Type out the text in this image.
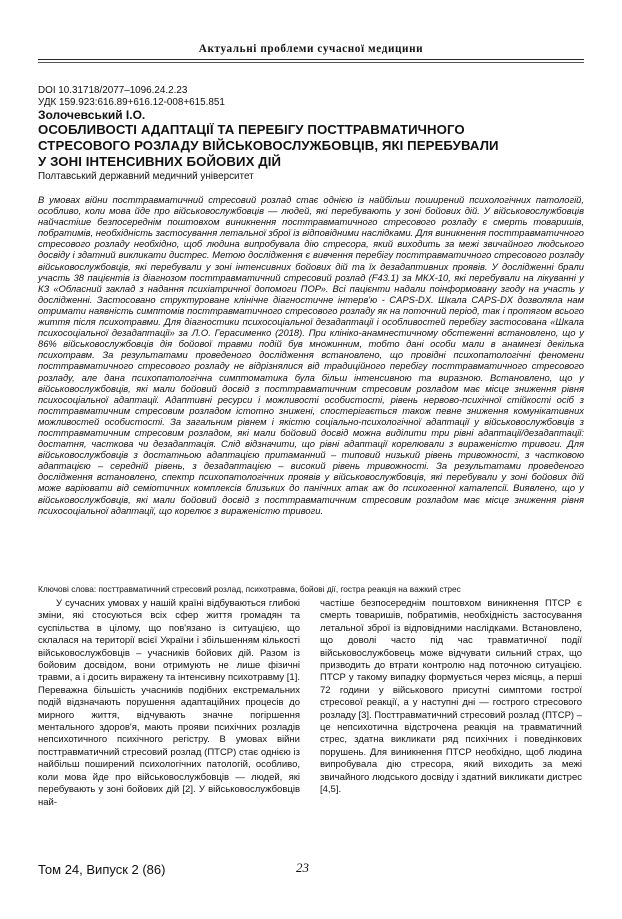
Актуальні проблеми сучасної медицини
DOI 10.31718/2077–1096.24.2.23
УДК 159.923:616.89+616.12-008+615.851
Золочевський І.О.
ОСОБЛИВОСТІ АДАПТАЦІЇ ТА ПЕРЕБІГУ ПОСТТРАВМАТИЧНОГО
СТРЕСОВОГО РОЗЛАДУ ВІЙСЬКОВОСЛУЖБОВЦІВ, ЯКІ ПЕРЕБУВАЛИ
У ЗОНІ ІНТЕНСИВНИХ БОЙОВИХ ДІЙ
Полтавський державний медичний університет
В умовах війни посттравматичний стресовий розлад стає однією із найбільш поширений психологічних патологій, особливо, коли мова йде про військовослужбовців — людей, які перебувають у зоні бойових дій. У військовослужбовців найчастіше безпосереднім поштовхом виникнення посттравматичного стресового розладу є смерть товаришів, побратимів, необхідність застосування летальної зброї із відповідними наслідками. Для виникнення посттравматичного стресового розладу необхідно, щоб людина випробувала дію стресора, який виходить за межі звичайного людського досвіду і здатний викликати дистрес. Метою дослідження є вивчення перебігу посттравматичного стресового розладу військовослужбовців, які перебували у зоні інтенсивних бойових дій та їх дезадаптивних проявів. У дослідженні брали участь 38 пацієнтів із діагнозом посттравматичний стресовий розлад (F43.1) за МКХ-10, які перебували на лікуванні у КЗ «Обласний заклад з надання психіатричної допомоги ПОР». Всі пацієнти надали поінформовану згоду на участь у дослідженні. Застосовано структуроване клінічне діагностичне інтерв'ю - CAPS-DX. Шкала CAPS-DX дозволяла нам отримати наявність симптомів посттравматичного стресового розладу як на поточний період, так і протягом всього життя після психотравми. Для діагностики психосоціальної дезадаптації і особливостей перебігу застосована «Шкала психосоціальної дезадаптації» за Л.О. Герасименко (2018). При клініко-анамнестичному обстеженні встановлено, що у 86% військовослужбовців дія бойової травми подій був множинним, тобто дані особи мали в анамнезі декілька психотравм. За результатами проведеного дослідження встановлено, що провідні психопатологічні феномени посттравматичного стресового розладу не відрізнялися від традиційного перебігу посттравматичного стресового розладу, але дана психопатологічна симптоматика була більш інтенсивною та виразною. Встановлено, що у військовослужбовців, які мали бойовий досвід з посттравматичним стресовим розладом має місце зниження рівня психосоціальної адаптації. Адаптивні ресурси і можливості особистості, рівень нервово-психічної стійкості осіб з посттравматичним стресовим розладом істотно знижені, спостерігається також певне зниження комунікативних можливостей особистості. За загальним рівнем і якістю соціально-психологічної адаптації у військовослужбовців з посттравматичним стресовим розладом, які мали бойовий досвід можна виділити три рівні адаптації/дезадаптації: достатня, часткова чи дезадаптація. Слід відзначити, що рівні адаптації корелювали з вираженістю тривоги. Для військовослужбовців з достатньою адаптацією притаманний – типовий низький рівень тривожності, з частковою адаптацією – середній рівень, з дезадаптацією – високий рівень тривожності. За результатами проведеного дослідження встановлено, спектр психопатологічних проявів у військовослужбовців, які перебували у зоні бойових дій може варіювати від семіотичних комплексів близьких до панічних атак аж до психогенної каталепсії. Виявлено, що у військовослужбовців, які мали бойовий досвід з посттравматичним стресовим розладом має місце зниження рівня психосоціальної адаптації, що корелює з вираженістю тривоги.
Ключові слова: посттравматичний стресовий розлад, психотравма, бойові дії, гостра реакція на важкий стрес

У сучасних умовах у нашій країні відбуваються глибокі зміни, які стосуються всіх сфер життя громадян та суспільства в цілому, що пов'язано із ситуацією, що склалася на території всієї України і збільшенням кількості військовослужбовців – учасників бойових дій. Разом із бойовим досвідом, вони отримують не лише фізичні травми, а і досить виражену та інтенсивну психотравму [1]. Переважна більшість учасників подібних екстремальних подій відзначають порушення адаптаційних процесів до мирного життя, відчувають значне погіршення ментального здоров'я, мають прояви психічних розладів непсихотичного психічного регістру. В умовах війни посттравматичний стресовий розлад (ПТСР) стає однією із найбільш поширений психологічних патологій, особливо, коли мова йде про військовослужбовців — людей, які перебувають у зоні бойових дій [2]. У військовослужбовців най-

частіше безпосереднім поштовхом виникнення ПТСР є смерть товаришів, побратимів, необхідність застосування летальної зброї із відповідними наслідками. Встановлено, що доволі часто під час травматичної події військовослужбовець може відчувати сильний страх, що призводить до втрати контролю над поточною ситуацією. ПТСР у такому випадку формується через місяць, а перші 72 години у військового присутні симптоми гострої стресової реакції, а у наступні дні — гострого стресового розладу [3]. Посттравматичний стресовий розлад (ПТСР) – це непсихотична відстрочена реакція на травматичний стрес, здатна викликати ряд психічних і поведінкових порушень. Для виникнення ПТСР необхідно, щоб людина випробувала дію стресора, який виходить за межі звичайного людського досвіду і здатний викликати дистрес [4,5].

Том 24, Випуск 2 (86)	23
